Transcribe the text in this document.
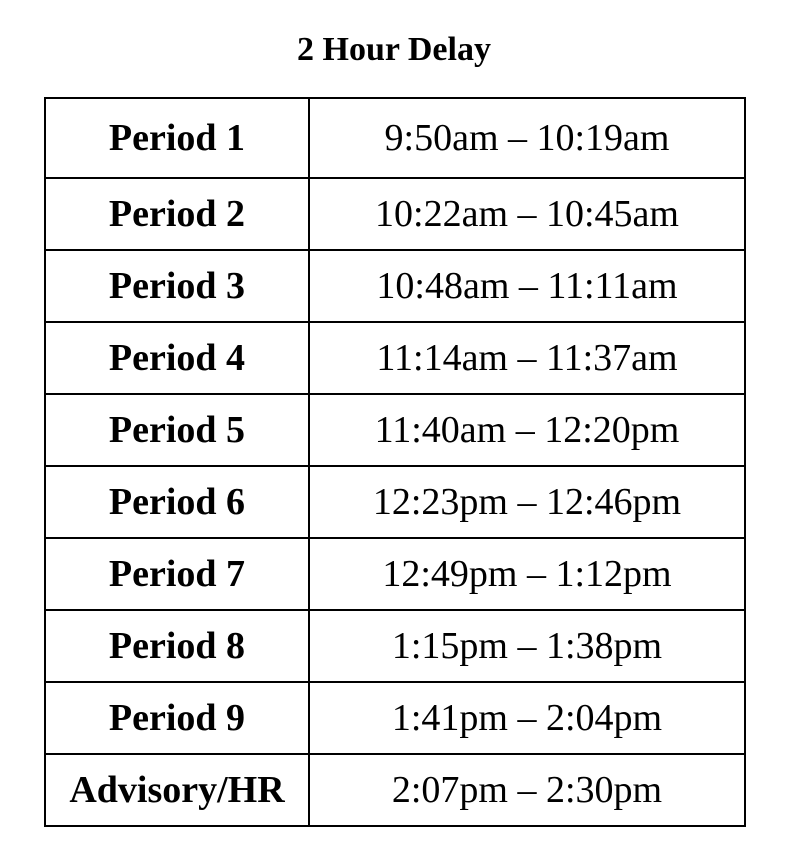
2 Hour Delay
Period 1	9:50am – 10:19am
Period 2	10:22am – 10:45am
Period 3	10:48am – 11:11am
Period 4	11:14am – 11:37am
Period 5	11:40am – 12:20pm
Period 6	12:23pm – 12:46pm
Period 7	12:49pm – 1:12pm
Period 8	1:15pm – 1:38pm
Period 9	1:41pm – 2:04pm
Advisory/HR	2:07pm – 2:30pm
